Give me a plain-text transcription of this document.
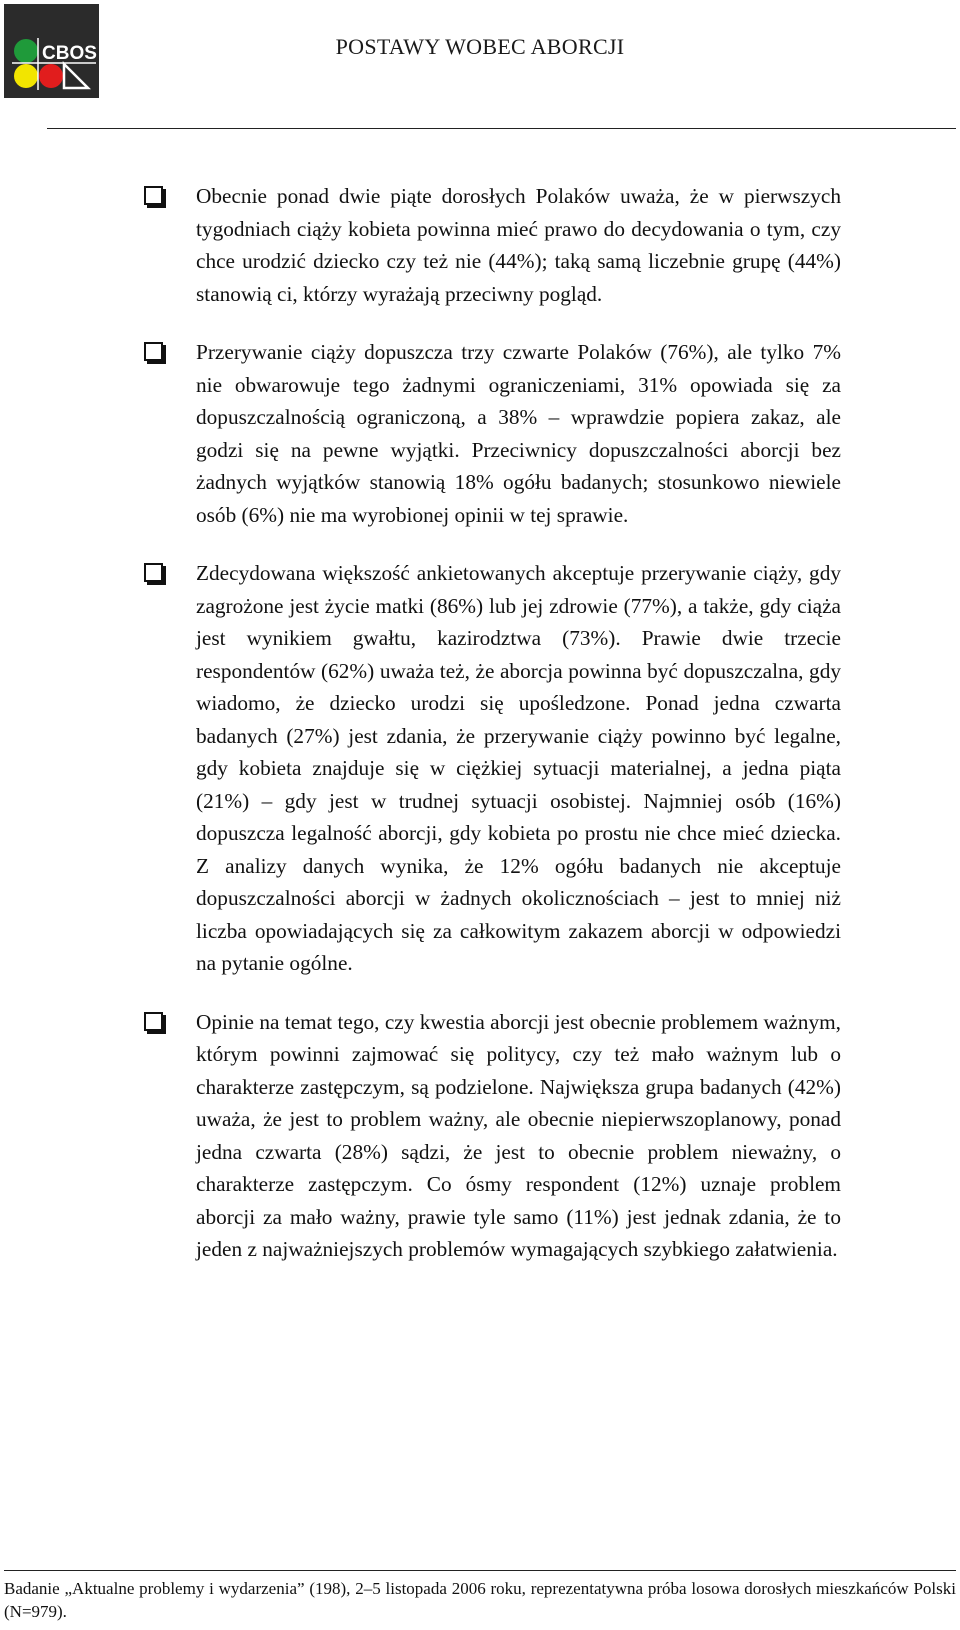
CBOS	POSTAWY WOBEC ABORCJI
Obecnie ponad dwie piąte dorosłych Polaków uważa, że w pierwszych tygodniach ciąży kobieta powinna mieć prawo do decydowania o tym, czy chce urodzić dziecko czy też nie (44%); taką samą liczebnie grupę (44%) stanowią ci, którzy wyrażają przeciwny pogląd.
Przerywanie ciąży dopuszcza trzy czwarte Polaków (76%), ale tylko 7% nie obwarowuje tego żadnymi ograniczeniami, 31% opowiada się za dopuszczalnością ograniczoną, a 38% – wprawdzie popiera zakaz, ale godzi się na pewne wyjątki. Przeciwnicy dopuszczalności aborcji bez żadnych wyjątków stanowią 18% ogółu badanych; stosunkowo niewiele osób (6%) nie ma wyrobionej opinii w tej sprawie.
Zdecydowana większość ankietowanych akceptuje przerywanie ciąży, gdy zagrożone jest życie matki (86%) lub jej zdrowie (77%), a także, gdy ciąża jest wynikiem gwałtu, kazirodztwa (73%). Prawie dwie trzecie respondentów (62%) uważa też, że aborcja powinna być dopuszczalna, gdy wiadomo, że dziecko urodzi się upośledzone. Ponad jedna czwarta badanych (27%) jest zdania, że przerywanie ciąży powinno być legalne, gdy kobieta znajduje się w ciężkiej sytuacji materialnej, a jedna piąta (21%) – gdy jest w trudnej sytuacji osobistej. Najmniej osób (16%) dopuszcza legalność aborcji, gdy kobieta po prostu nie chce mieć dziecka. Z analizy danych wynika, że 12% ogółu badanych nie akceptuje dopuszczalności aborcji w żadnych okolicznościach – jest to mniej niż liczba opowiadających się za całkowitym zakazem aborcji w odpowiedzi na pytanie ogólne.
Opinie na temat tego, czy kwestia aborcji jest obecnie problemem ważnym, którym powinni zajmować się politycy, czy też mało ważnym lub o charakterze zastępczym, są podzielone. Największa grupa badanych (42%) uważa, że jest to problem ważny, ale obecnie niepierwszoplanowy, ponad jedna czwarta (28%) sądzi, że jest to obecnie problem nieważny, o charakterze zastępczym. Co ósmy respondent (12%) uznaje problem aborcji za mało ważny, prawie tyle samo (11%) jest jednak zdania, że to jeden z najważniejszych problemów wymagających szybkiego załatwienia.
Badanie „Aktualne problemy i wydarzenia” (198), 2–5 listopada 2006 roku, reprezentatywna próba losowa dorosłych mieszkańców Polski (N=979).
